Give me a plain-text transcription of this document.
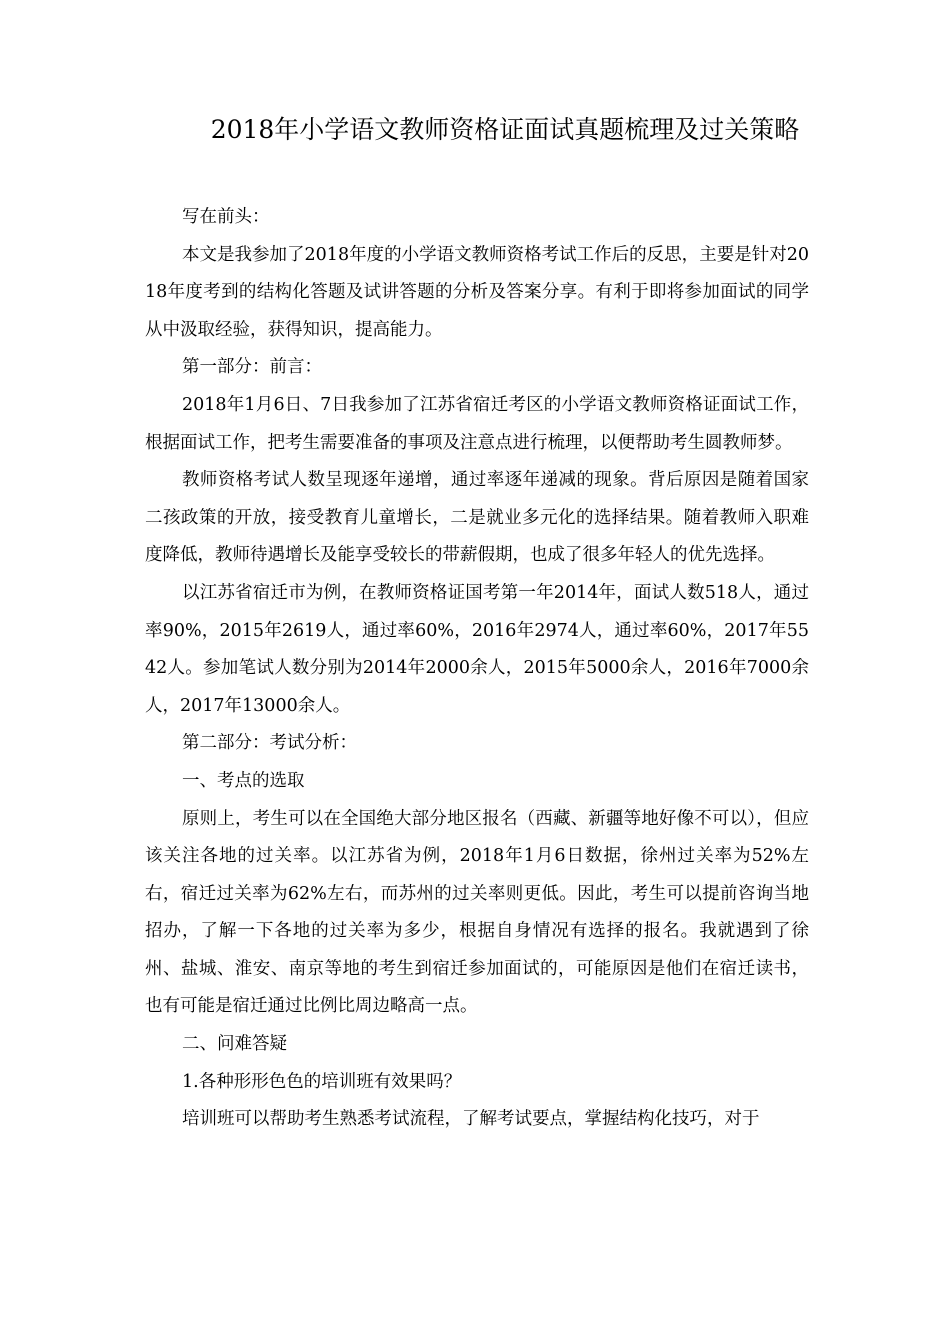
2018年小学语文教师资格证面试真题梳理及过关策略

写在前头：

本文是我参加了2018年度的小学语文教师资格考试工作后的反思，主要是针对2018年度考到的结构化答题及试讲答题的分析及答案分享。有利于即将参加面试的同学从中汲取经验，获得知识，提高能力。

第一部分：前言：

2018年1月6日、7日我参加了江苏省宿迁考区的小学语文教师资格证面试工作，根据面试工作，把考生需要准备的事项及注意点进行梳理，以便帮助考生圆教师梦。

教师资格考试人数呈现逐年递增，通过率逐年递减的现象。背后原因是随着国家二孩政策的开放，接受教育儿童增长，二是就业多元化的选择结果。随着教师入职难度降低，教师待遇增长及能享受较长的带薪假期，也成了很多年轻人的优先选择。

以江苏省宿迁市为例，在教师资格证国考第一年2014年，面试人数518人，通过率90%，2015年2619人，通过率60%，2016年2974人，通过率60%，2017年5542人。参加笔试人数分别为2014年2000余人，2015年5000余人，2016年7000余人，2017年13000余人。

第二部分：考试分析：

一、考点的选取

原则上，考生可以在全国绝大部分地区报名（西藏、新疆等地好像不可以），但应该关注各地的过关率。以江苏省为例，2018年1月6日数据，徐州过关率为52%左右，宿迁过关率为62%左右，而苏州的过关率则更低。因此，考生可以提前咨询当地招办，了解一下各地的过关率为多少，根据自身情况有选择的报名。我就遇到了徐州、盐城、淮安、南京等地的考生到宿迁参加面试的，可能原因是他们在宿迁读书，也有可能是宿迁通过比例比周边略高一点。

二、问难答疑

1.各种形形色色的培训班有效果吗？

培训班可以帮助考生熟悉考试流程，了解考试要点，掌握结构化技巧，对于
